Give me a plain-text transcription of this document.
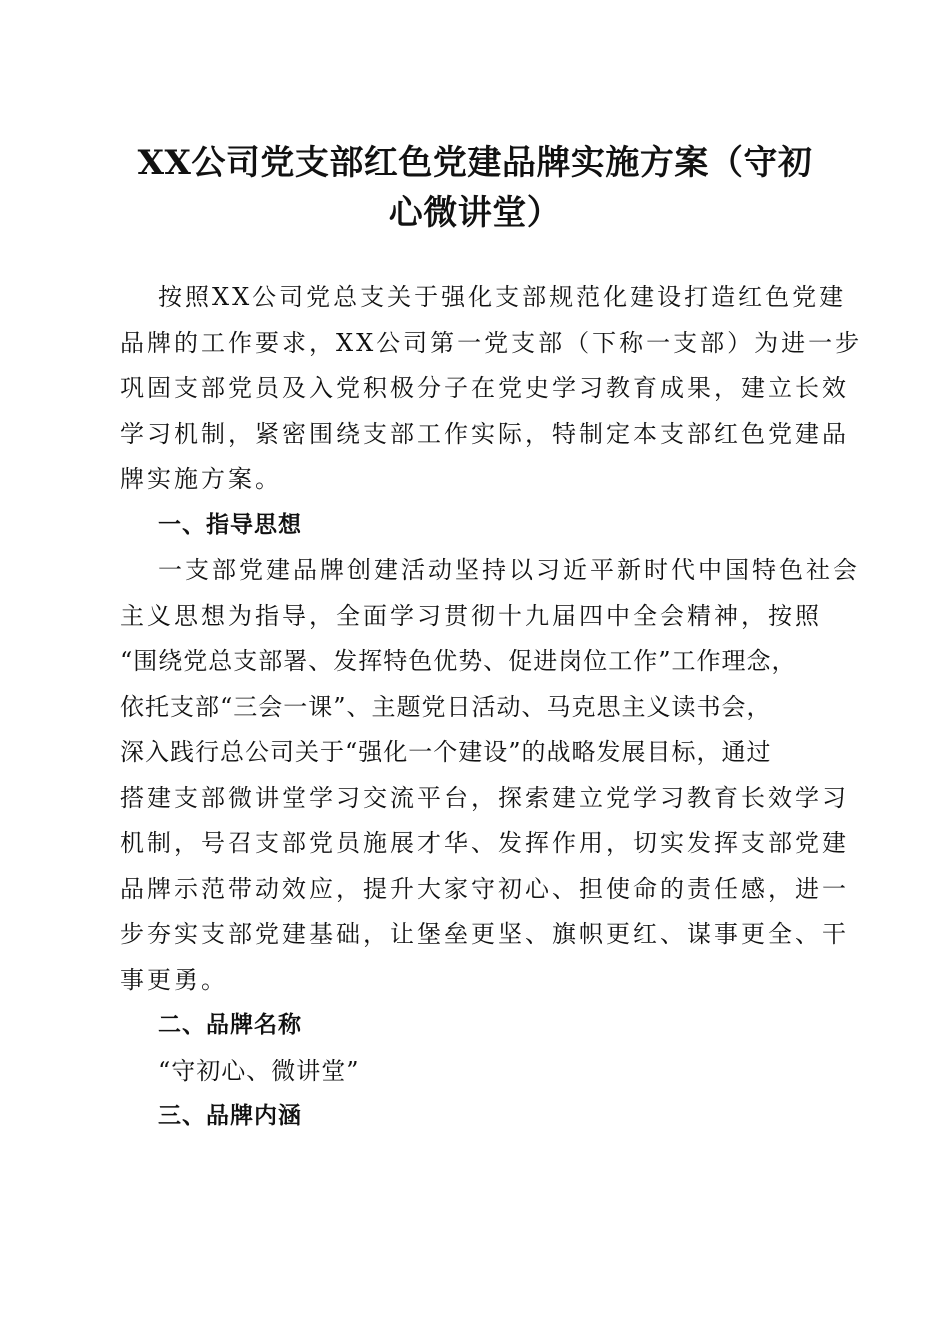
XX公司党支部红色党建品牌实施方案（守初
心微讲堂）
按照XX公司党总支关于强化支部规范化建设打造红色党建
品牌的工作要求，XX公司第一党支部（下称一支部）为进一步
巩固支部党员及入党积极分子在党史学习教育成果，建立长效
学习机制，紧密围绕支部工作实际，特制定本支部红色党建品
牌实施方案。
一、指导思想
一支部党建品牌创建活动坚持以习近平新时代中国特色社会
主义思想为指导，全面学习贯彻十九届四中全会精神，按照
“围绕党总支部署、发挥特色优势、促进岗位工作”工作理念，
依托支部“三会一课”、主题党日活动、马克思主义读书会，
深入践行总公司关于“强化一个建设”的战略发展目标，通过
搭建支部微讲堂学习交流平台，探索建立党学习教育长效学习
机制，号召支部党员施展才华、发挥作用，切实发挥支部党建
品牌示范带动效应，提升大家守初心、担使命的责任感，进一
步夯实支部党建基础，让堡垒更坚、旗帜更红、谋事更全、干
事更勇。
二、品牌名称
“守初心、微讲堂”
三、品牌内涵
